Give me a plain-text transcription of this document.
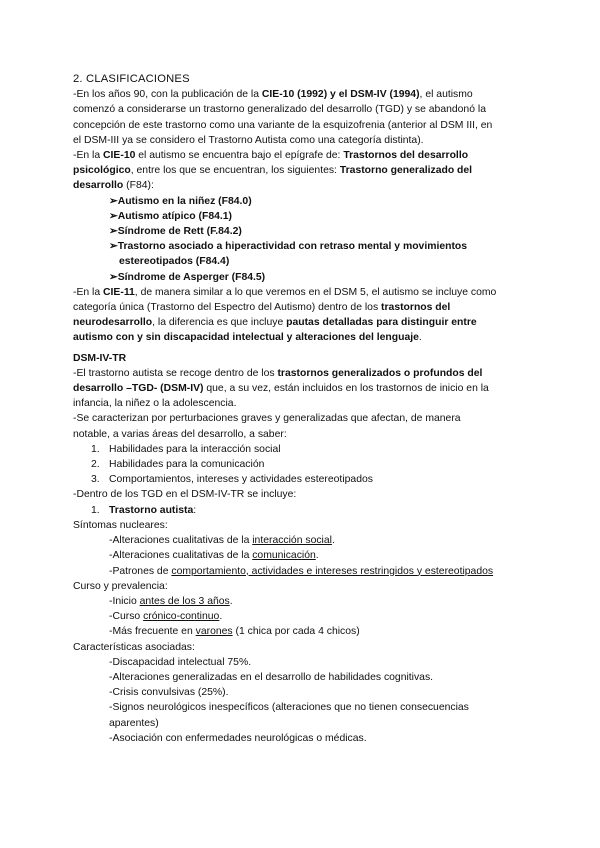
2. CLASIFICACIONES
-En los años 90, con la publicación de la CIE-10 (1992) y el DSM-IV (1994), el autismo
comenzó a considerarse un trastorno generalizado del desarrollo (TGD) y se abandonó la
concepción de este trastorno como una variante de la esquizofrenia (anterior al DSM III, en
el DSM-III ya se considero el Trastorno Autista como una categoría distinta).
-En la CIE-10 el autismo se encuentra bajo el epígrafe de: Trastornos del desarrollo
psicológico, entre los que se encuentran, los siguientes: Trastorno generalizado del
desarrollo (F84):
➢Autismo en la niñez (F84.0)
➢Autismo atípico (F84.1)
➢Síndrome de Rett (F.84.2)
➢Trastorno asociado a hiperactividad con retraso mental y movimientos
estereotipados (F84.4)
➢Síndrome de Asperger (F84.5)
-En la CIE-11, de manera similar a lo que veremos en el DSM 5, el autismo se incluye como
categoría única (Trastorno del Espectro del Autismo) dentro de los trastornos del
neurodesarrollo, la diferencia es que incluye pautas detalladas para distinguir entre
autismo con y sin discapacidad intelectual y alteraciones del lenguaje.
DSM-IV-TR
-El trastorno autista se recoge dentro de los trastornos generalizados o profundos del
desarrollo –TGD- (DSM-IV) que, a su vez, están incluidos en los trastornos de inicio en la
infancia, la niñez o la adolescencia.
-Se caracterizan por perturbaciones graves y generalizadas que afectan, de manera
notable, a varias áreas del desarrollo, a saber:
1. Habilidades para la interacción social
2. Habilidades para la comunicación
3. Comportamientos, intereses y actividades estereotipados
-Dentro de los TGD en el DSM-IV-TR se incluye:
1. Trastorno autista :
Síntomas nucleares:
-Alteraciones cualitativas de la interacción social.
-Alteraciones cualitativas de la comunicación.
-Patrones de comportamiento, actividades e intereses restringidos y estereotipados
Curso y prevalencia:
-Inicio antes de los 3 años.
-Curso crónico-continuo.
-Más frecuente en varones (1 chica por cada 4 chicos)
Características asociadas:
-Discapacidad intelectual 75%.
-Alteraciones generalizadas en el desarrollo de habilidades cognitivas.
-Crisis convulsivas (25%).
-Signos neurológicos inespecíficos (alteraciones que no tienen consecuencias
aparentes)
-Asociación con enfermedades neurológicas o médicas.
